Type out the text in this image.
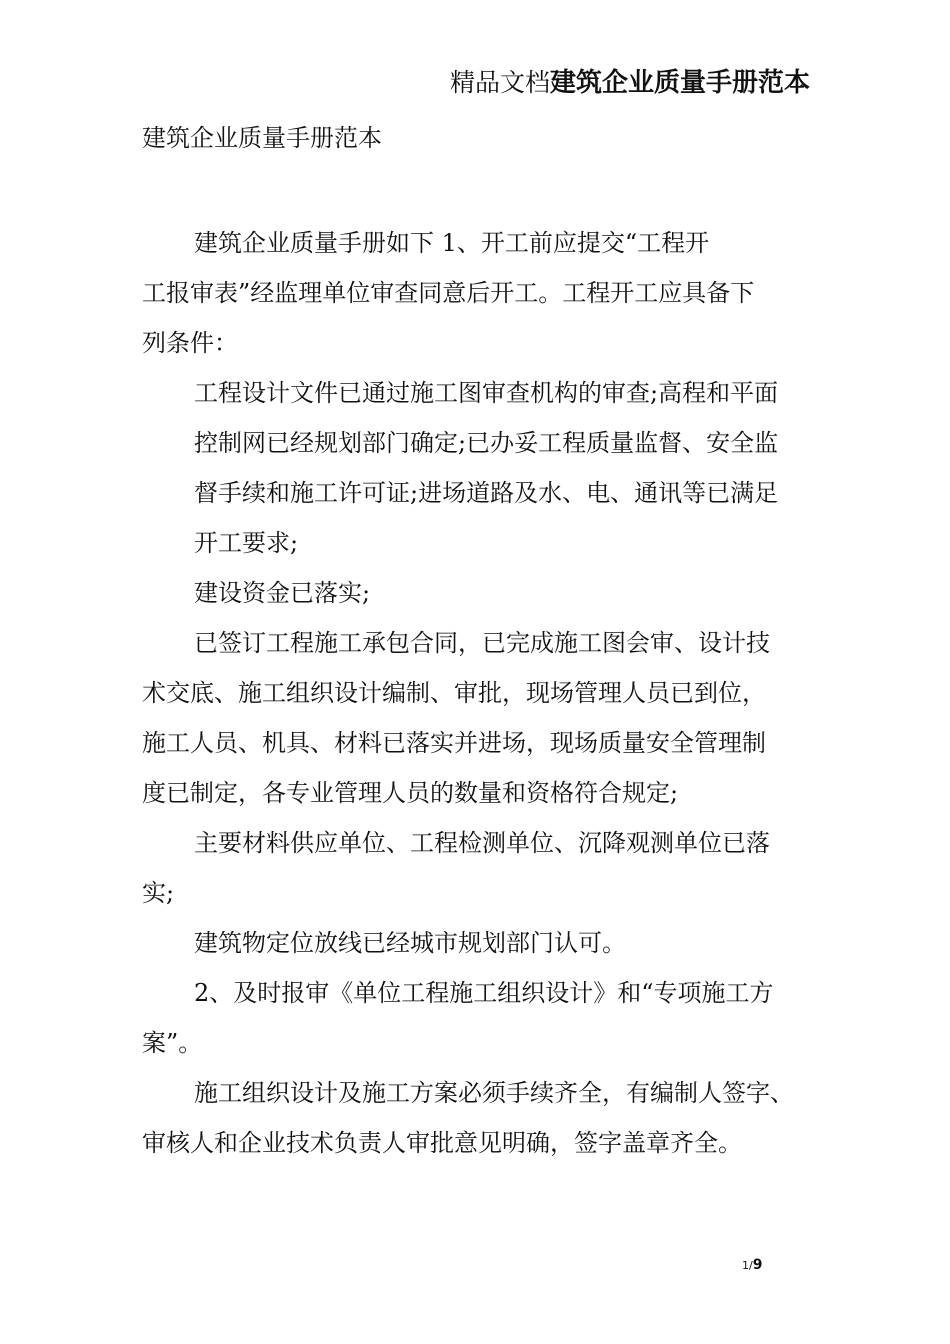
精品文档建筑企业质量手册范本
建筑企业质量手册范本
建筑企业质量手册如下 1、开工前应提交“工程开
工报审表”经监理单位审查同意后开工。工程开工应具备下
列条件：
工程设计文件已通过施工图审查机构的审查;高程和平面
控制网已经规划部门确定;已办妥工程质量监督、安全监
督手续和施工许可证;进场道路及水、电、通讯等已满足
开工要求;
建设资金已落实;
已签订工程施工承包合同，已完成施工图会审、设计技
术交底、施工组织设计编制、审批，现场管理人员已到位，
施工人员、机具、材料已落实并进场，现场质量安全管理制
度已制定，各专业管理人员的数量和资格符合规定;
主要材料供应单位、工程检测单位、沉降观测单位已落
实;
建筑物定位放线已经城市规划部门认可。
2、及时报审《单位工程施工组织设计》和“专项施工方
案”。
施工组织设计及施工方案必须手续齐全，有编制人签字、
审核人和企业技术负责人审批意见明确，签字盖章齐全。
1/9
